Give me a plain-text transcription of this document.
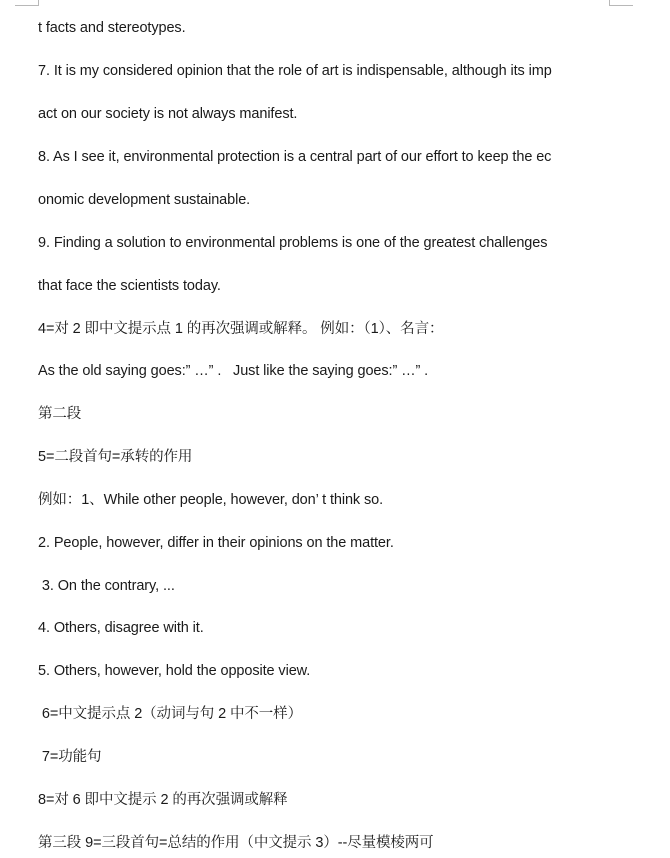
t facts and stereotypes.
7. It is my considered opinion that the role of art is indispensable, although its imp
act on our society is not always manifest.
8. As I see it, environmental protection is a central part of our effort to keep the ec
onomic development sustainable.
9. Finding a solution to environmental problems is one of the greatest challenges
that face the scientists today.
4=对 2 即中文提示点 1 的再次强调或解释。 例如：（1）、名言：
As the old saying goes:” …” .   Just like the saying goes:” …” .
第二段
5=二段首句=承转的作用
例如：1、While other people, however, don’ t think so.
2. People, however, differ in their opinions on the matter.
3. On the contrary, ...
4. Others, disagree with it.
5. Others, however, hold the opposite view.
6=中文提示点 2（动词与句 2 中不一样）
7=功能句
8=对 6 即中文提示 2 的再次强调或解释
第三段 9=三段首句=总结的作用（中文提示 3）--尽量模棱两可
